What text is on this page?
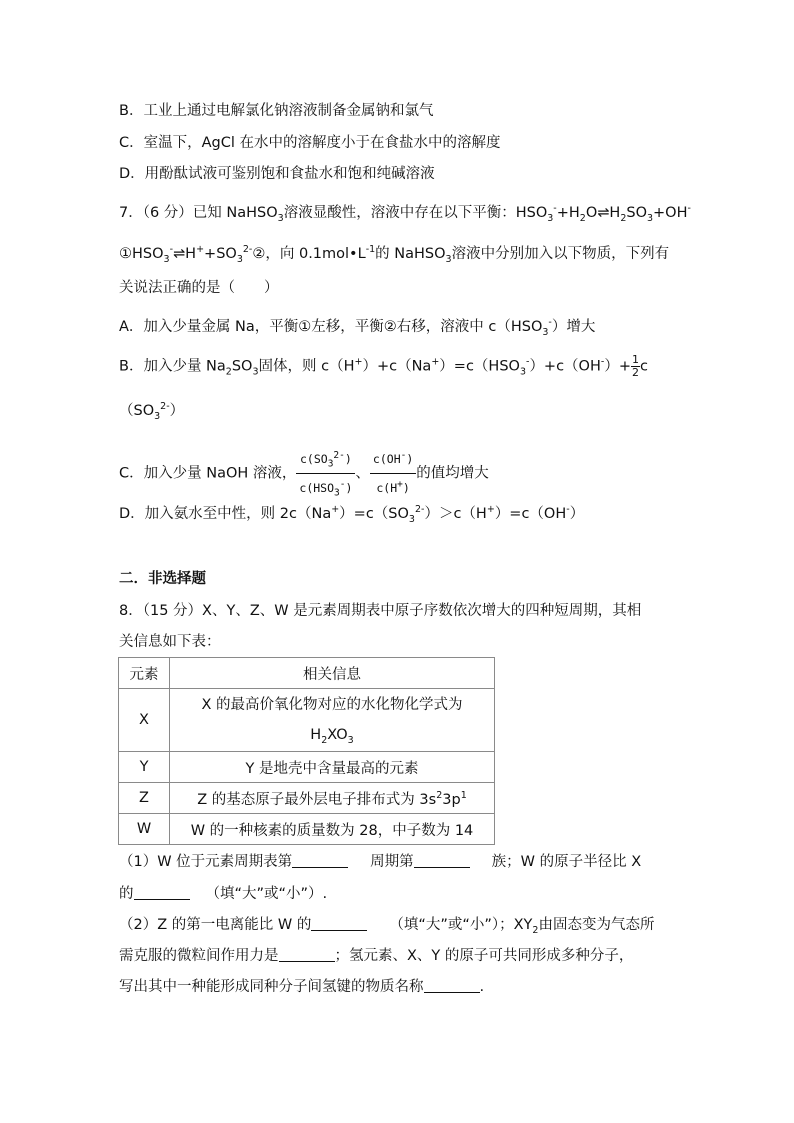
B．工业上通过电解氯化钠溶液制备金属钠和氯气
C．室温下，AgCl 在水中的溶解度小于在食盐水中的溶解度
D．用酚酞试液可鉴别饱和食盐水和饱和纯碱溶液
7．（6 分）已知 NaHSO$_3$溶液显酸性，溶液中存在以下平衡：$HSO_3^-+H_2O\rightleftharpoons H_2SO_3+OH^-$
$①HSO_3^-\rightleftharpoons H^++SO_3^{2-}②$，向 $0.1mol•L^{-1}$的 NaHSO$_3$溶液中分别加入以下物质，下列有
关说法正确的是（　　）
A．加入少量金属 Na，平衡①左移，平衡②右移，溶液中 $c(HSO_3^-)$增大
B．加入少量 $Na_2SO_3$固体，则 $c(H^+)+c(Na^+)=c(HSO_3^-)+c(OH^-)+ \frac{1}{2}$ c
$(SO_3^{2-})$
C．加入少量 NaOH 溶液， $\frac{c(SO_3^{2-})}{c(HSO_3^-)}$ 、 $\frac{c(OH^-)}{c(H^+)}$ 的值均增大
D．加入氨水至中性，则 $2c(Na^+)=c(SO_3^{2-})>c(H^+)=c(OH^-)$
二．非选择题
8．（15 分）X、Y、Z、W 是元素周期表中原子序数依次增大的四种短周期，其相
关信息如下表：
元素	相关信息
X	X 的最高价氧化物对应的水化物化学式为
$H_2XO_3$
Y	Y 是地壳中含量最高的元素
Z	Z 的基态原子最外层电子排布式为 $3s^23p^1$
W	W 的一种核素的质量数为 28，中子数为 14
（1）W 位于元素周期表第	周期第	族；W 的原子半径比 X
的	（填“大”或“小”）.
（2）Z 的第一电离能比 W 的	（填“大”或“小”）；$XY_2$由固态变为气态所
需克服的微粒间作用力是	；氢元素、X、Y 的原子可共同形成多种分子，
写出其中一种能形成同种分子间氢键的物质名称	.
